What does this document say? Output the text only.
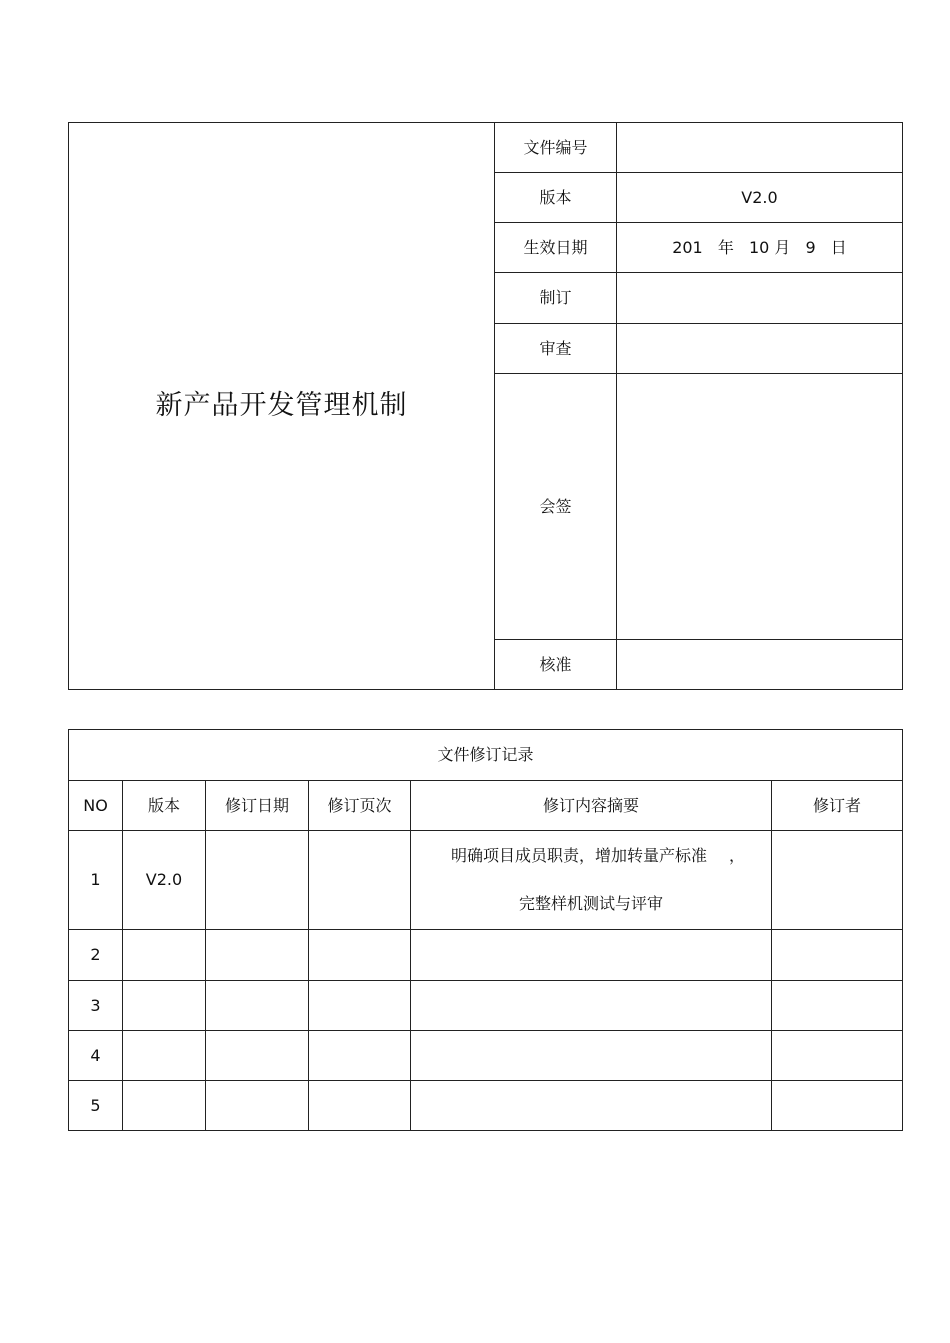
新产品开发管理机制	文件编号	
	版本	V2.0
	生效日期	201 年 10 月 9 日
	制订	
	审查	
	会签	
	核准	
文件修订记录					
NO	版本	修订日期	修订页次	修订内容摘要	修订者
1	V2.0			明确项目成员职责，增加转量产标准 ，
完整样机测试与评审	

2					
3					
4					
5					
